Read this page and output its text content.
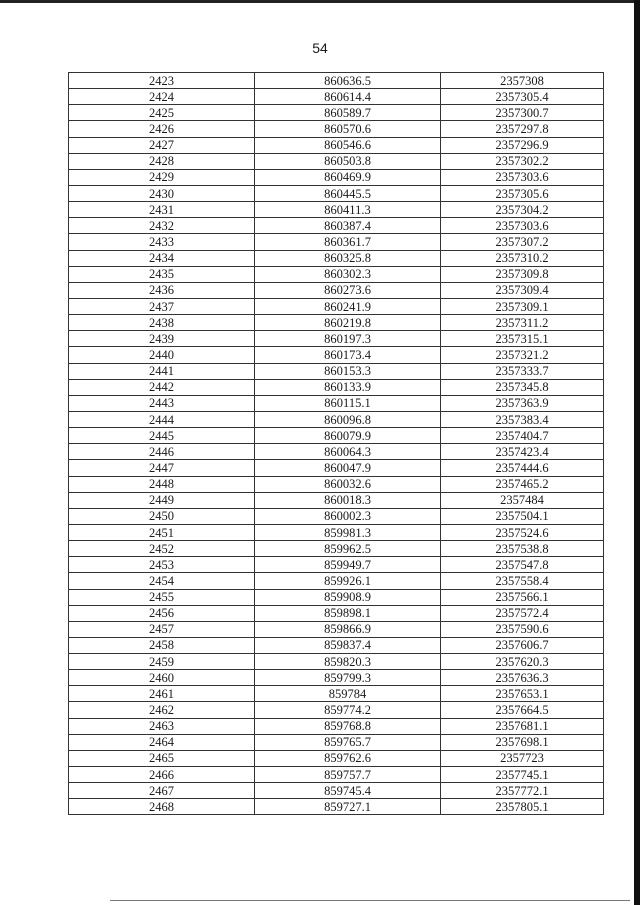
54
2423	860636.5	2357308
2424	860614.4	2357305.4
2425	860589.7	2357300.7
2426	860570.6	2357297.8
2427	860546.6	2357296.9
2428	860503.8	2357302.2
2429	860469.9	2357303.6
2430	860445.5	2357305.6
2431	860411.3	2357304.2
2432	860387.4	2357303.6
2433	860361.7	2357307.2
2434	860325.8	2357310.2
2435	860302.3	2357309.8
2436	860273.6	2357309.4
2437	860241.9	2357309.1
2438	860219.8	2357311.2
2439	860197.3	2357315.1
2440	860173.4	2357321.2
2441	860153.3	2357333.7
2442	860133.9	2357345.8
2443	860115.1	2357363.9
2444	860096.8	2357383.4
2445	860079.9	2357404.7
2446	860064.3	2357423.4
2447	860047.9	2357444.6
2448	860032.6	2357465.2
2449	860018.3	2357484
2450	860002.3	2357504.1
2451	859981.3	2357524.6
2452	859962.5	2357538.8
2453	859949.7	2357547.8
2454	859926.1	2357558.4
2455	859908.9	2357566.1
2456	859898.1	2357572.4
2457	859866.9	2357590.6
2458	859837.4	2357606.7
2459	859820.3	2357620.3
2460	859799.3	2357636.3
2461	859784	2357653.1
2462	859774.2	2357664.5
2463	859768.8	2357681.1
2464	859765.7	2357698.1
2465	859762.6	2357723
2466	859757.7	2357745.1
2467	859745.4	2357772.1
2468	859727.1	2357805.1
